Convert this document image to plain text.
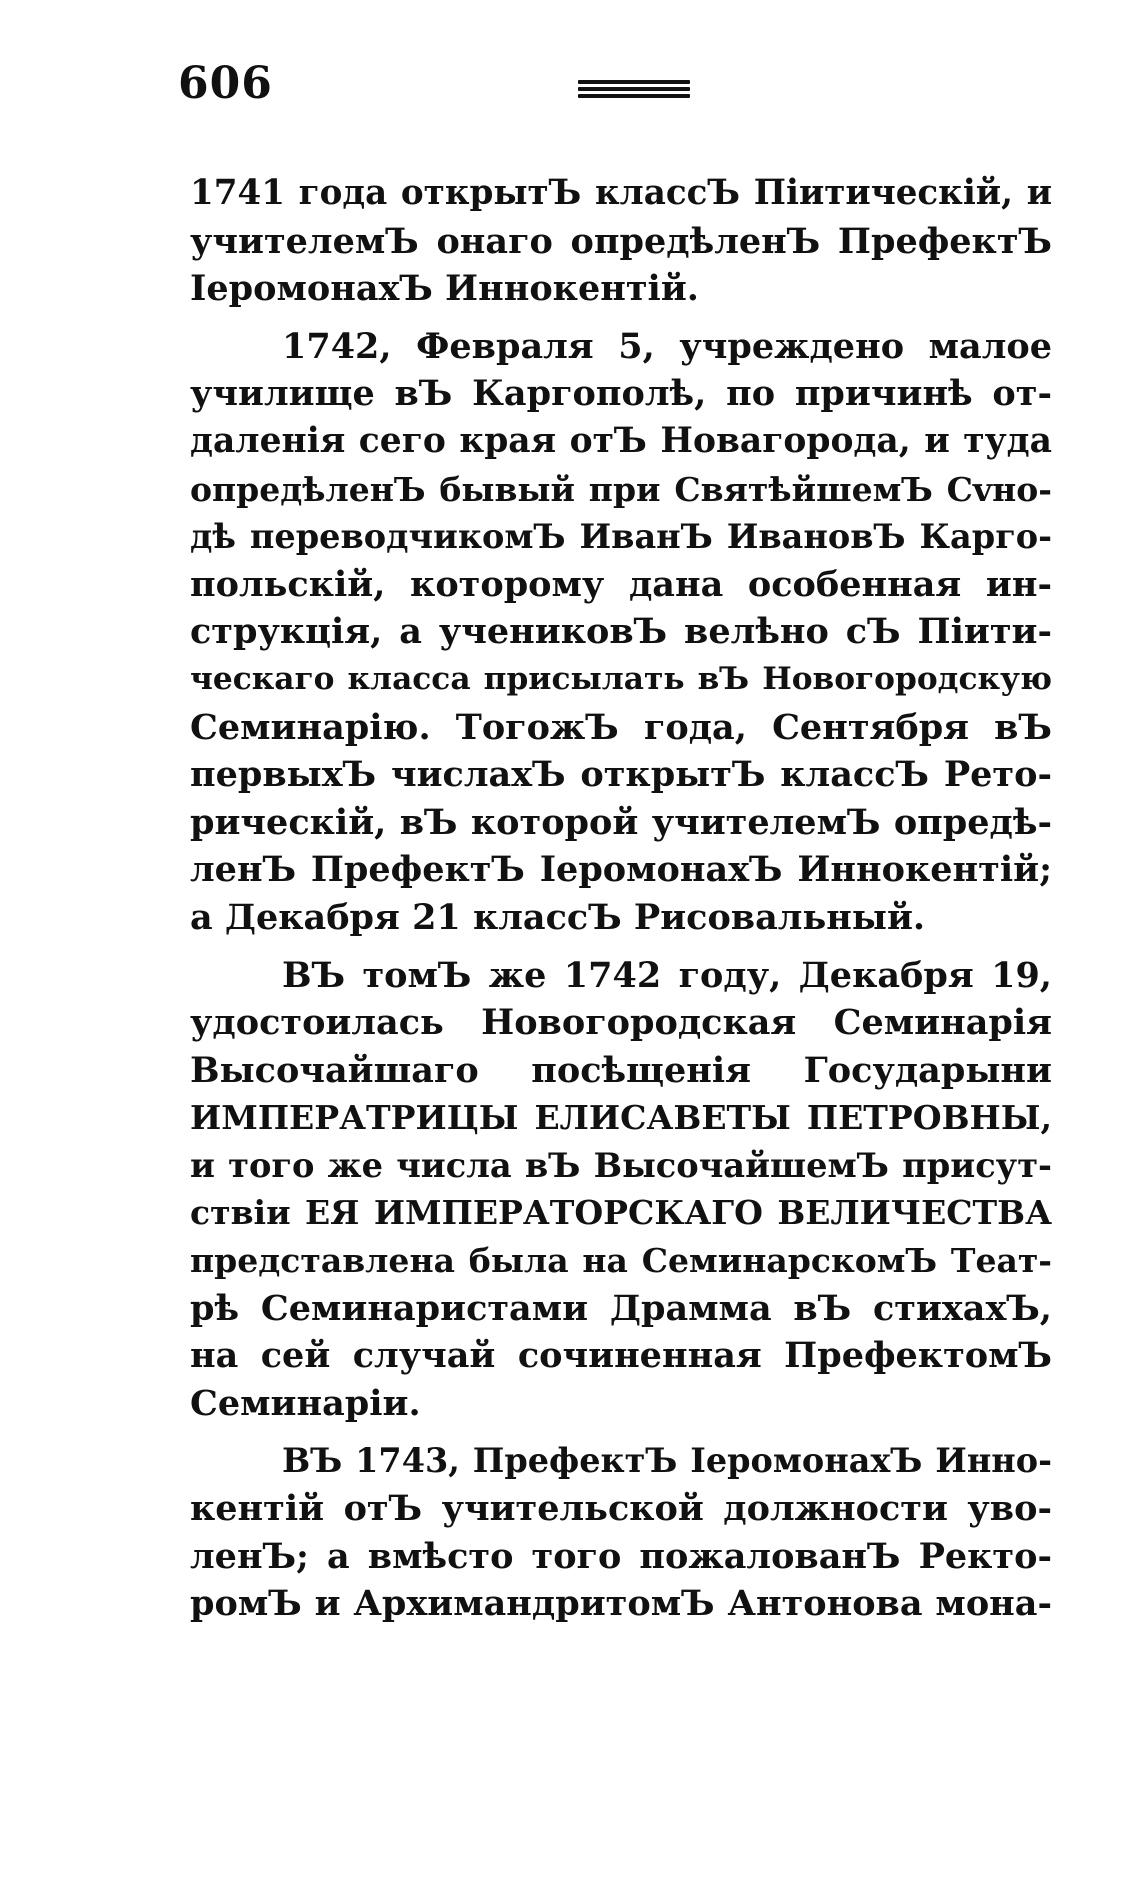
606
1741 года открытЪ классЪ Піитическій, и
учителемЪ онаго опредѣленЪ ПрефектЪ
ІеромонахЪ Иннокентій.
1742, Февраля 5, учреждено малое
училище вЪ Каргополѣ, по причинѣ от-
даленія сего края отЪ Новагорода, и туда
опредѣленЪ бывый при СвятѣйшемЪ Сvно-
дѣ переводчикомЪ ИванЪ ИвановЪ Карго-
польскій, которому дана особенная ин-
струкція, а учениковЪ велѣно сЪ Піити-
ческаго класса присылать вЪ Новогородскую
Семинарію. ТогожЪ года, Сентября вЪ
первыхЪ числахЪ открытЪ классЪ Рето-
рическій, вЪ которой учителемЪ опредѣ-
ленЪ ПрефектЪ ІеромонахЪ Иннокентій;
а Декабря 21 классЪ Рисовальный.
ВЪ томЪ же 1742 году, Декабря 19,
удостоилась Новогородская Семинарія
Высочайшаго посѣщенія Государыни
ИМПЕРАТРИЦЫ ЕЛИСАВЕТЫ ПЕТРОВНЫ,
и того же числа вЪ ВысочайшемЪ присут-
ствіи ЕЯ ИМПЕРАТОРСКАГО ВЕЛИЧЕСТВА
представлена была на СеминарскомЪ Теат-
рѣ Семинаристами Драмма вЪ стихахЪ,
на сей случай сочиненная ПрефектомЪ
Семинаріи.
ВЪ 1743, ПрефектЪ ІеромонахЪ Инно-
кентій отЪ учительской должности уво-
ленЪ; а вмѣсто того пожалованЪ Ректо-
ромЪ и АрхимандритомЪ Антонова мона-
